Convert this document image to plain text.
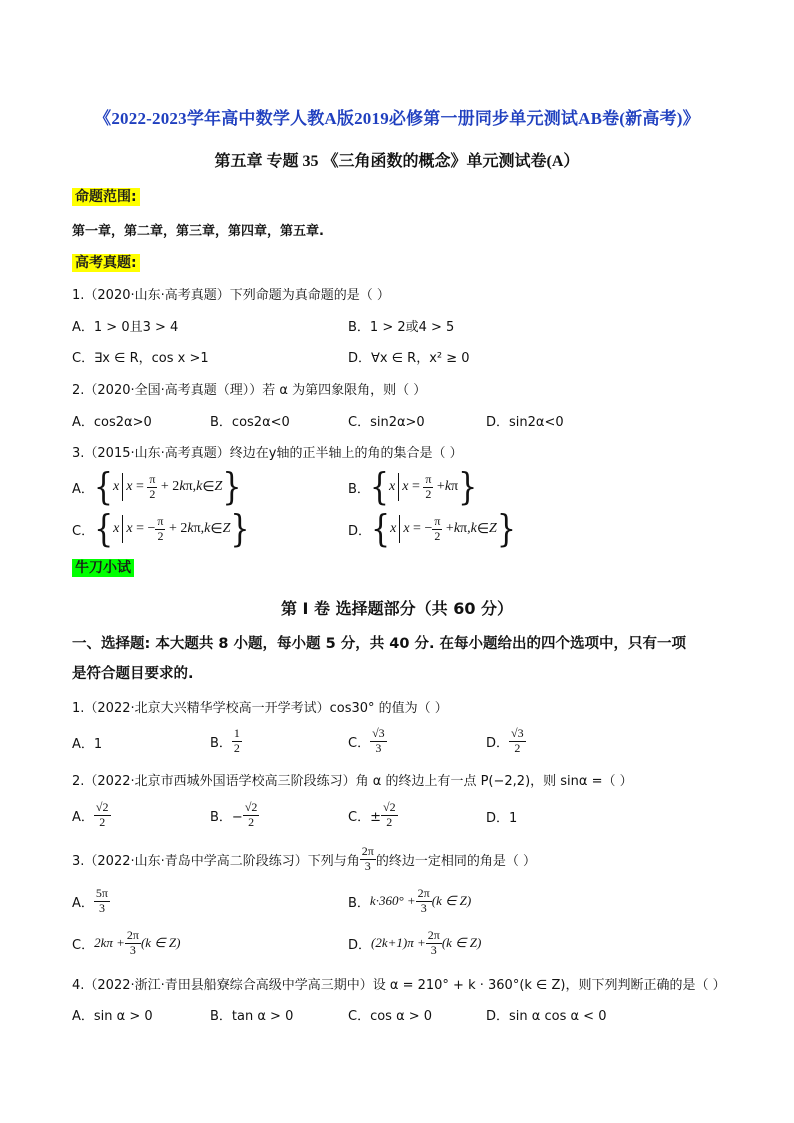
《2022-2023学年高中数学人教A版2019必修第一册同步单元测试AB卷(新高考)》
第五章 专题 35 《三角函数的概念》单元测试卷(A）
命题范围:
第一章，第二章，第三章，第四章，第五章.
高考真题:
1.（2020·山东·高考真题）下列命题为真命题的是（ ）
A．1 > 0且3 > 4	B．1 > 2或4 > 5
C．∃x ∈ R，cos x >1	D．∀x ∈ R，x² ≥ 0
2.（2020·全国·高考真题（理））若 α 为第四象限角，则（ ）
A．cos2α>0	B．cos2α<0	C．sin2α>0	D．sin2α<0
3.（2015·山东·高考真题）终边在y轴的正半轴上的角的集合是（ ）
A． { x $x = \frac{\pi}{2} + 2$ k π, k ∈ Z }	B． { x $x = \frac{\pi}{2} + k$ π }
C． { x x = − $\frac{\pi}{2} + 2$ k π, k ∈ Z }	D． { x x = − $\frac{\pi}{2} + k$ π, k ∈ Z }
牛刀小试
第 I 卷 选择题部分（共 60 分）
一、选择题: 本大题共 8 小题，每小题 5 分，共 40 分. 在每小题给出的四个选项中，只有一项
是符合题目要求的.
1.（2022·北京大兴精华学校高一开学考试）cos30° 的值为（ ）
A．1	B． $\frac{1}{2}$	C． $\frac{√3}{3}$	D． $\frac{√3}{2}$
2.（2022·北京市西城外国语学校高三阶段练习）角 α 的终边上有一点 P(−2,2)，则 sinα =（ ）
A． $\frac{√2}{2}$	B．− $\frac{√2}{2}$	C．± $\frac{√2}{2}$	D．1
3.（2022·山东·青岛中学高二阶段练习）下列与角 $\frac{2\pi}{3}$ 的终边一定相同的角是（ ）
A． $\frac{5\pi}{3}$	B． $k\cdot 360^\circ + \frac{2\pi}{3} (k$ ∈ Z)
C． $2k\pi + \frac{2\pi}{3} (k$ ∈ Z)	D． $(2k+1)\pi + \frac{2\pi}{3} (k$ ∈ Z)
4.（2022·浙江·青田县船寮综合高级中学高三期中）设 α = 210° + k · 360°(k ∈ Z)，则下列判断正确的是（ ）
A．sin α > 0	B．tan α > 0	C．cos α > 0	D．sin α cos α < 0
